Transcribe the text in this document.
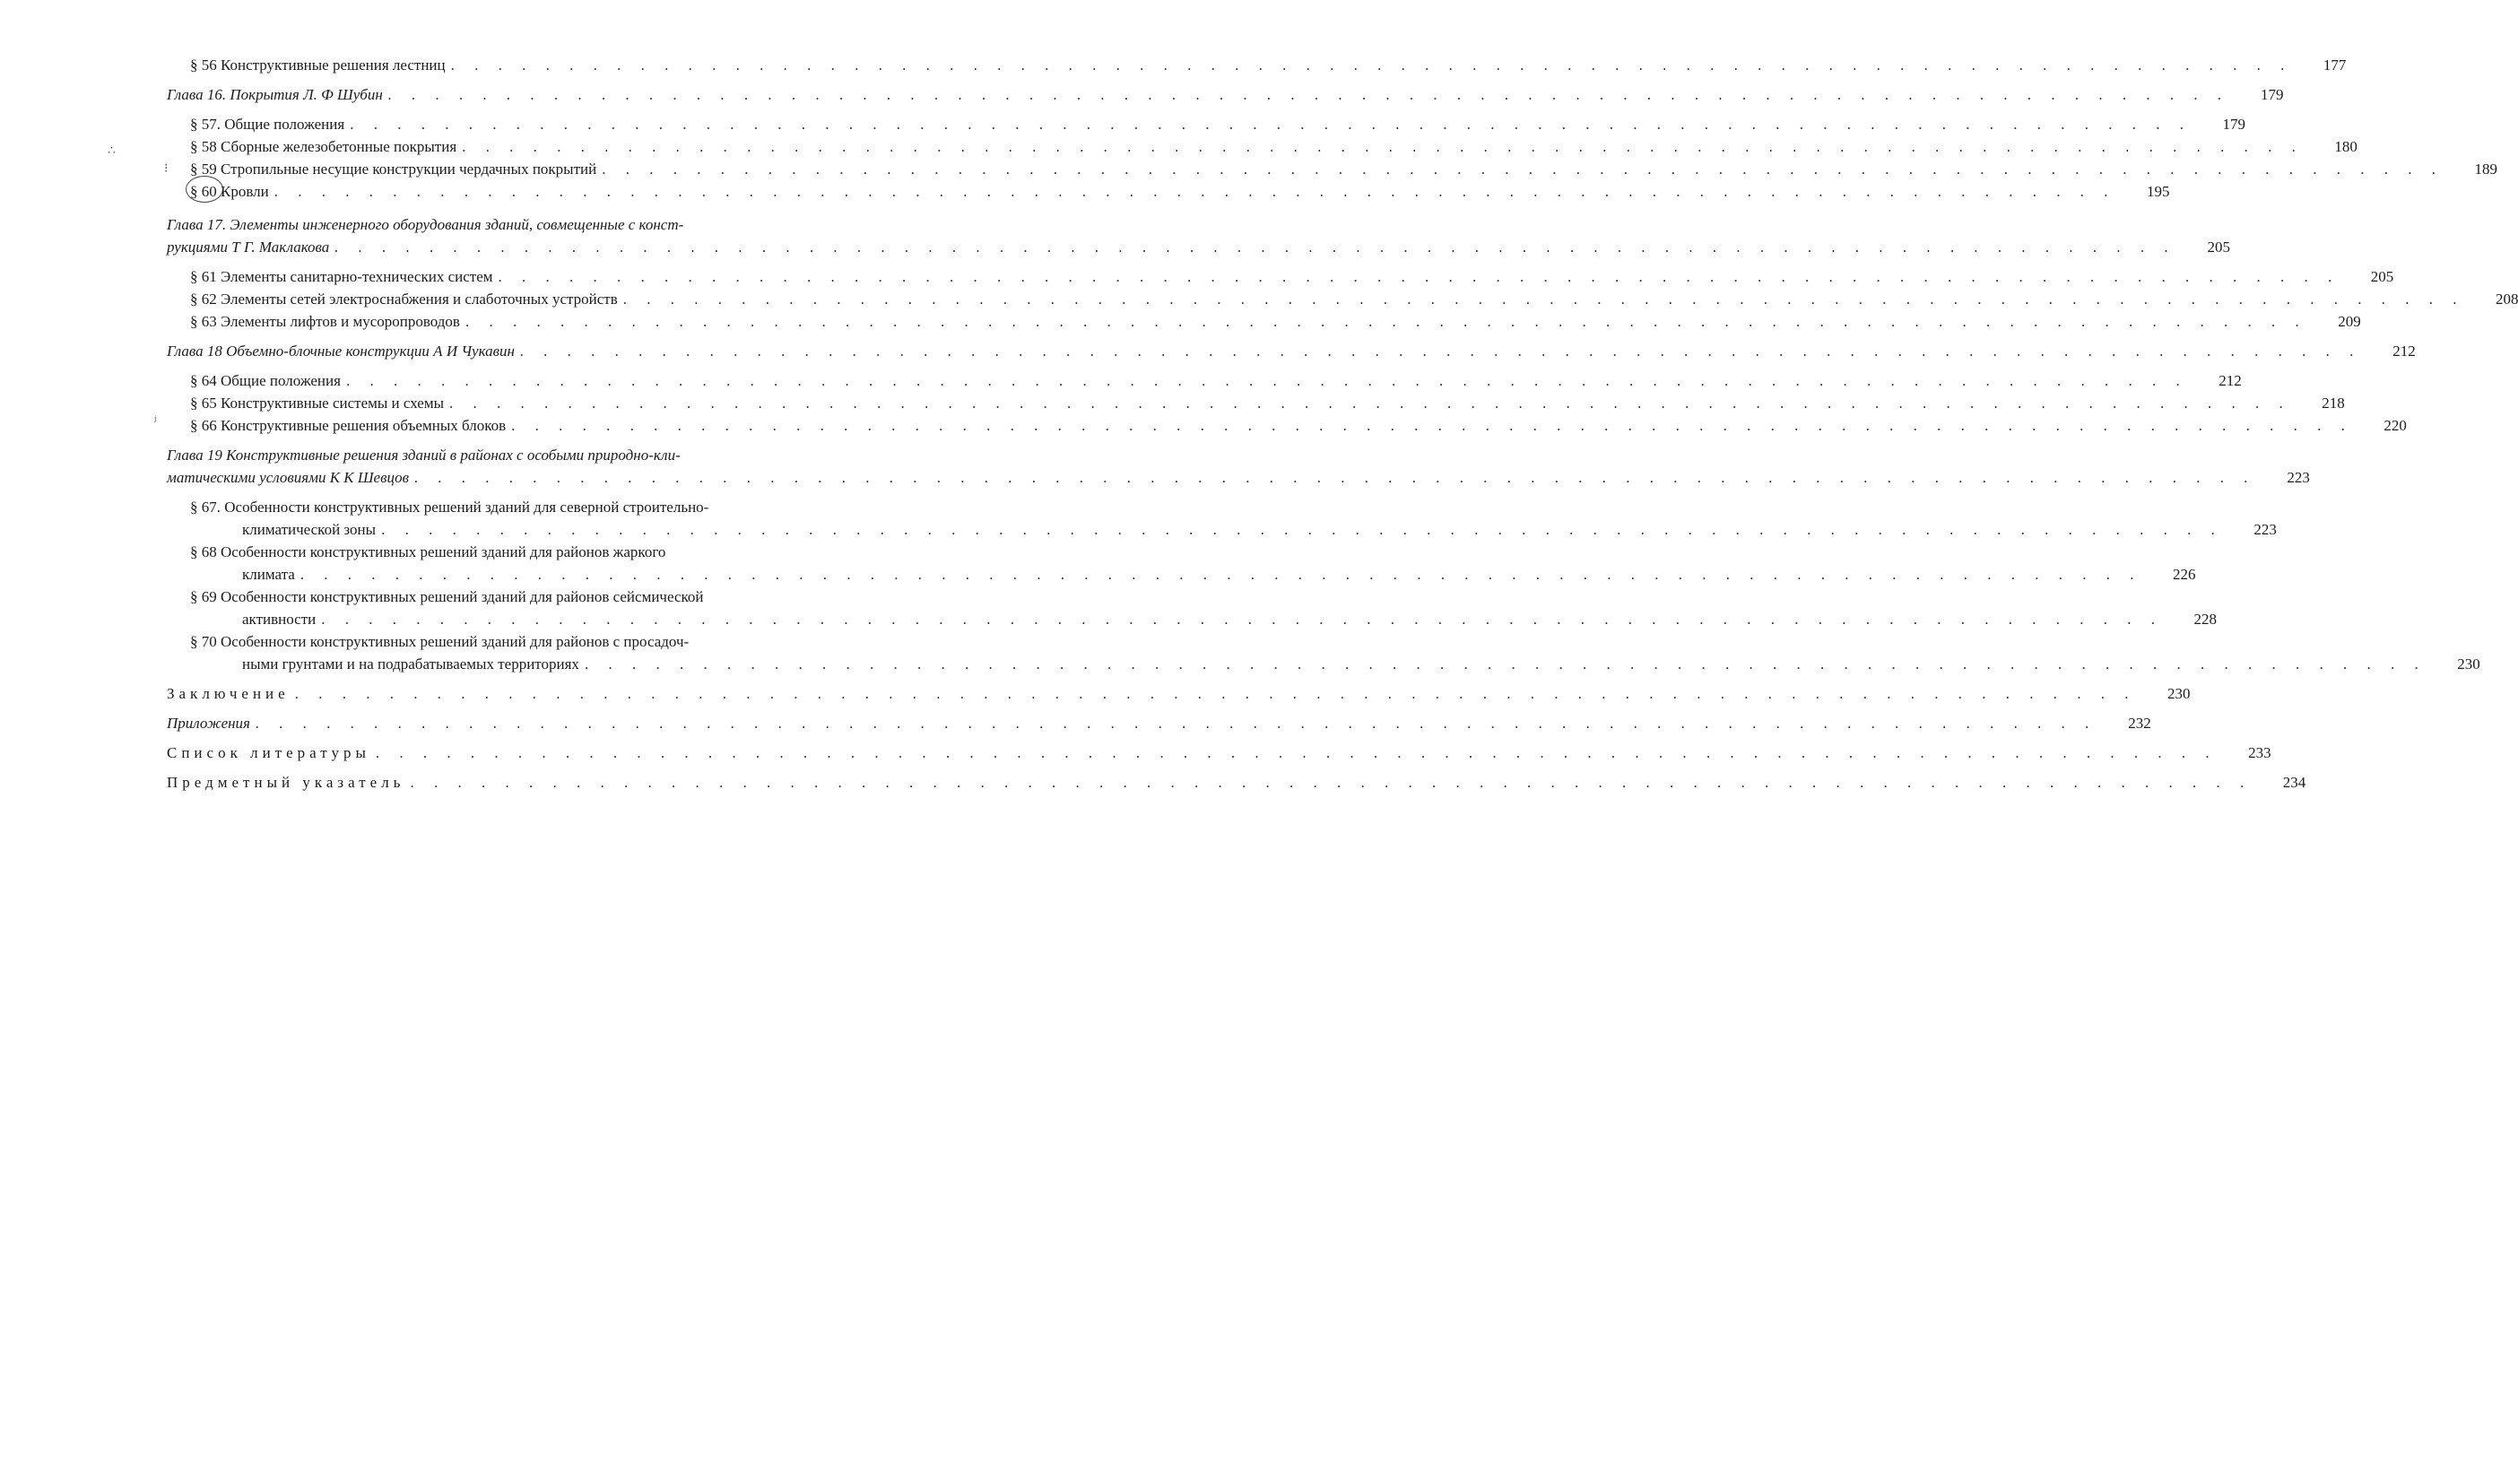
∴
⁝
ʲ
§ 56 Конструктивные решения лестниц . . .	177
Глава 16. Покрытия Л. Ф Шубин . . .	179
§ 57. Общие положения . . .	179
§ 58 Сборные железобетонные покрытия . . .	180
§ 59 Стропильные несущие конструкции чердачных покрытий . . .	189
§ 60 Кровли . . .	195
Глава 17. Элементы инженерного оборудования зданий, совмещенные с конст-
рукциями Т Г. Маклакова . . .	205
§ 61 Элементы санитарно-технических систем . . .	205
§ 62 Элементы сетей электроснабжения и слаботочных устройств . . .	208
§ 63 Элементы лифтов и мусоропроводов . . .	209
Глава 18 Объемно-блочные конструкции А И Чукавин . . .	212
§ 64 Общие положения . . .	212
§ 65 Конструктивные системы и схемы . . .	218
§ 66 Конструктивные решения объемных блоков . . .	220
Глава 19 Конструктивные решения зданий в районах с особыми природно-кли-
матическими условиями К К Шевцов . . .	223
§ 67. Особенности конструктивных решений зданий для северной строительно-
климатической зоны . . .	223
§ 68 Особенности конструктивных решений зданий для районов жаркого
климата . . .	226
§ 69 Особенности конструктивных решений зданий для районов сейсмической
активности . . .	228
§ 70 Особенности конструктивных решений зданий для районов с просадоч-
ными грунтами и на подрабатываемых территориях . . .	230
Заключение . . .	230
Приложения . . .	232
Список литературы . . .	233
Предметный указатель . . .	234
